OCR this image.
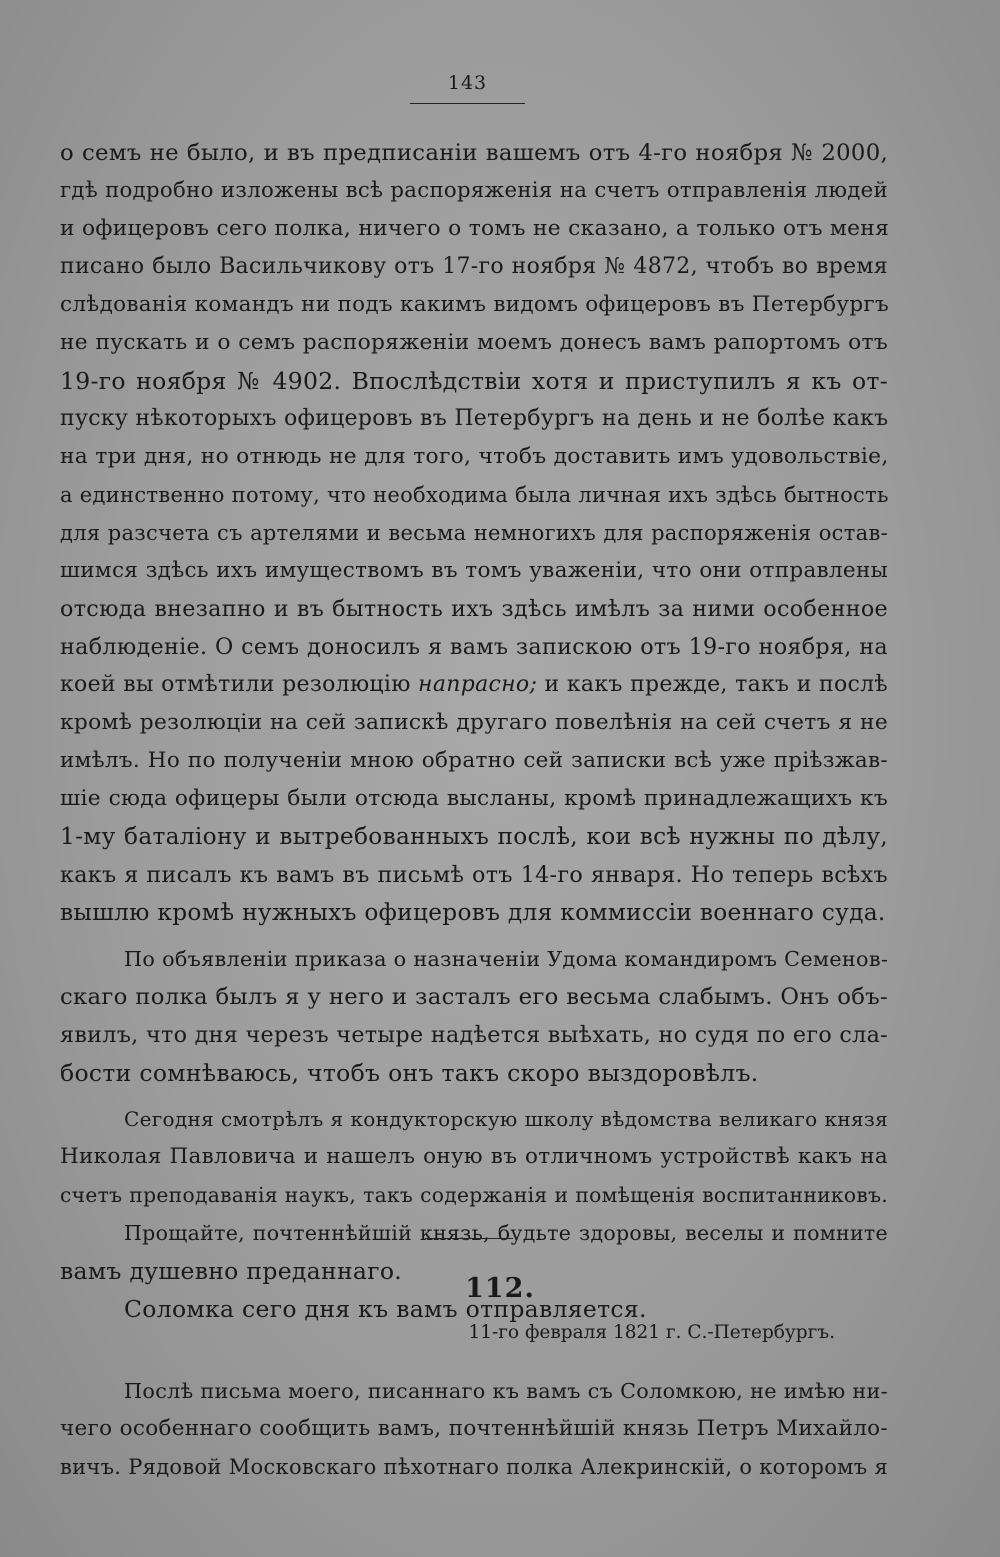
143
о семъ не было, и въ предписаніи вашемъ отъ 4-го ноября № 2000,
гдѣ подробно изложены всѣ распоряженія на счетъ отправленія людей
и офицеровъ сего полка, ничего о томъ не сказано, а только отъ меня
писано было Васильчикову отъ 17-го ноября № 4872, чтобъ во время
слѣдованія командъ ни подъ какимъ видомъ офицеровъ въ Петербургъ
не пускать и о семъ распоряженіи моемъ донесъ вамъ рапортомъ отъ
19-го ноября № 4902. Впослѣдствіи хотя и приступилъ я къ от-
пуску нѣкоторыхъ офицеровъ въ Петербургъ на день и не болѣе какъ
на три дня, но отнюдь не для того, чтобъ доставить имъ удовольствіе,
а единственно потому, что необходима была личная ихъ здѣсь бытность
для разсчета съ артелями и весьма немногихъ для распоряженія остав-
шимся здѣсь ихъ имуществомъ въ томъ уваженіи, что они отправлены
отсюда внезапно и въ бытность ихъ здѣсь имѣлъ за ними особенное
наблюденіе. О семъ доносилъ я вамъ запискою отъ 19-го ноября, на
коей вы отмѣтили резолюцію напрасно; и какъ прежде, такъ и послѣ
кромѣ резолюціи на сей запискѣ другаго повелѣнія на сей счетъ я не
имѣлъ. Но по полученіи мною обратно сей записки всѣ уже пріѣзжав-
шіе сюда офицеры были отсюда высланы, кромѣ принадлежащихъ къ
1-му баталіону и вытребованныхъ послѣ, кои всѣ нужны по дѣлу,
какъ я писалъ къ вамъ въ письмѣ отъ 14-го января. Но теперь всѣхъ
вышлю кромѣ нужныхъ офицеровъ для коммиссіи военнаго суда.
По объявленіи приказа о назначеніи Удома командиромъ Семенов-
скаго полка былъ я у него и засталъ его весьма слабымъ. Онъ объ-
явилъ, что дня черезъ четыре надѣется выѣхать, но судя по его сла-
бости сомнѣваюсь, чтобъ онъ такъ скоро выздоровѣлъ.
Сегодня смотрѣлъ я кондукторскую школу вѣдомства великаго князя
Николая Павловича и нашелъ оную въ отличномъ устройствѣ какъ на
счетъ преподаванія наукъ, такъ содержанія и помѣщенія воспитанниковъ.
Прощайте, почтеннѣйшій князь, будьте здоровы, веселы и помните
вамъ душевно преданнаго.
Соломка сего дня къ вамъ отправляется.
112.
11-го февраля 1821 г. С.-Петербургъ.
Послѣ письма моего, писаннаго къ вамъ съ Соломкою, не имѣю ни-
чего особеннаго сообщить вамъ, почтеннѣйшій князь Петръ Михайло-
вичъ. Рядовой Московскаго пѣхотнаго полка Алекринскій, о которомъ я
